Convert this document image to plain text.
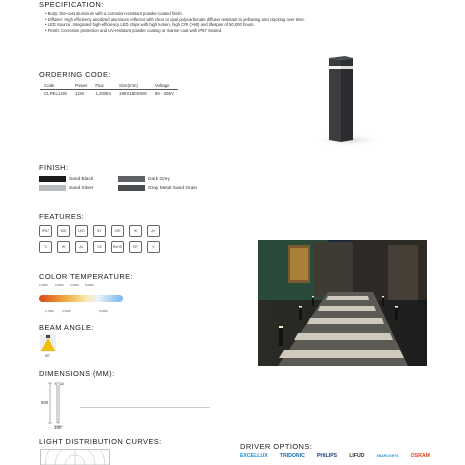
SPECIFICATION:
• Body: Die-cast aluminum with a corrosion-resistant powder-coated finish.
• Diffuser: High efficiency anodized aluminum reflector with clear or opal polycarbonate diffuser resistant to yellowing and cracking over time.
• LED Source: Integrated high-efficiency LED chips with high lumen, high CRI (>90) and lifespan of 50,000 hours.
• Finish: Corrosion protection and UV-resistant powder coating or marine coat with IP67 Sealed.
ORDERING CODE:
Code	Power	Flux	Size(mm)	Voltage
CLPEL12W	12W	1,200lm	180X180X900	85 - 265V
FINISH:
Sand Black	Dark Grey
Sand Silver	Gray Metal Sand Grain
FEATURES:
IP67	50K	LED	5Y	CRI	IK	A+
°C	W	AL	CE	RoHS	90°	V
COLOR TEMPERATURE:
2,200K	3,000K 4,000K 5,000K
2,700K	3,500K	6,500K
BEAM ANGLE:
90°
DIMENSIONS (MM):
900
180
LIGHT DISTRIBUTION CURVES:
DRIVER OPTIONS:
EXCELLUX TRIDONIC PHILIPS LIFUD	SNAPLIGHTS OSRAM
